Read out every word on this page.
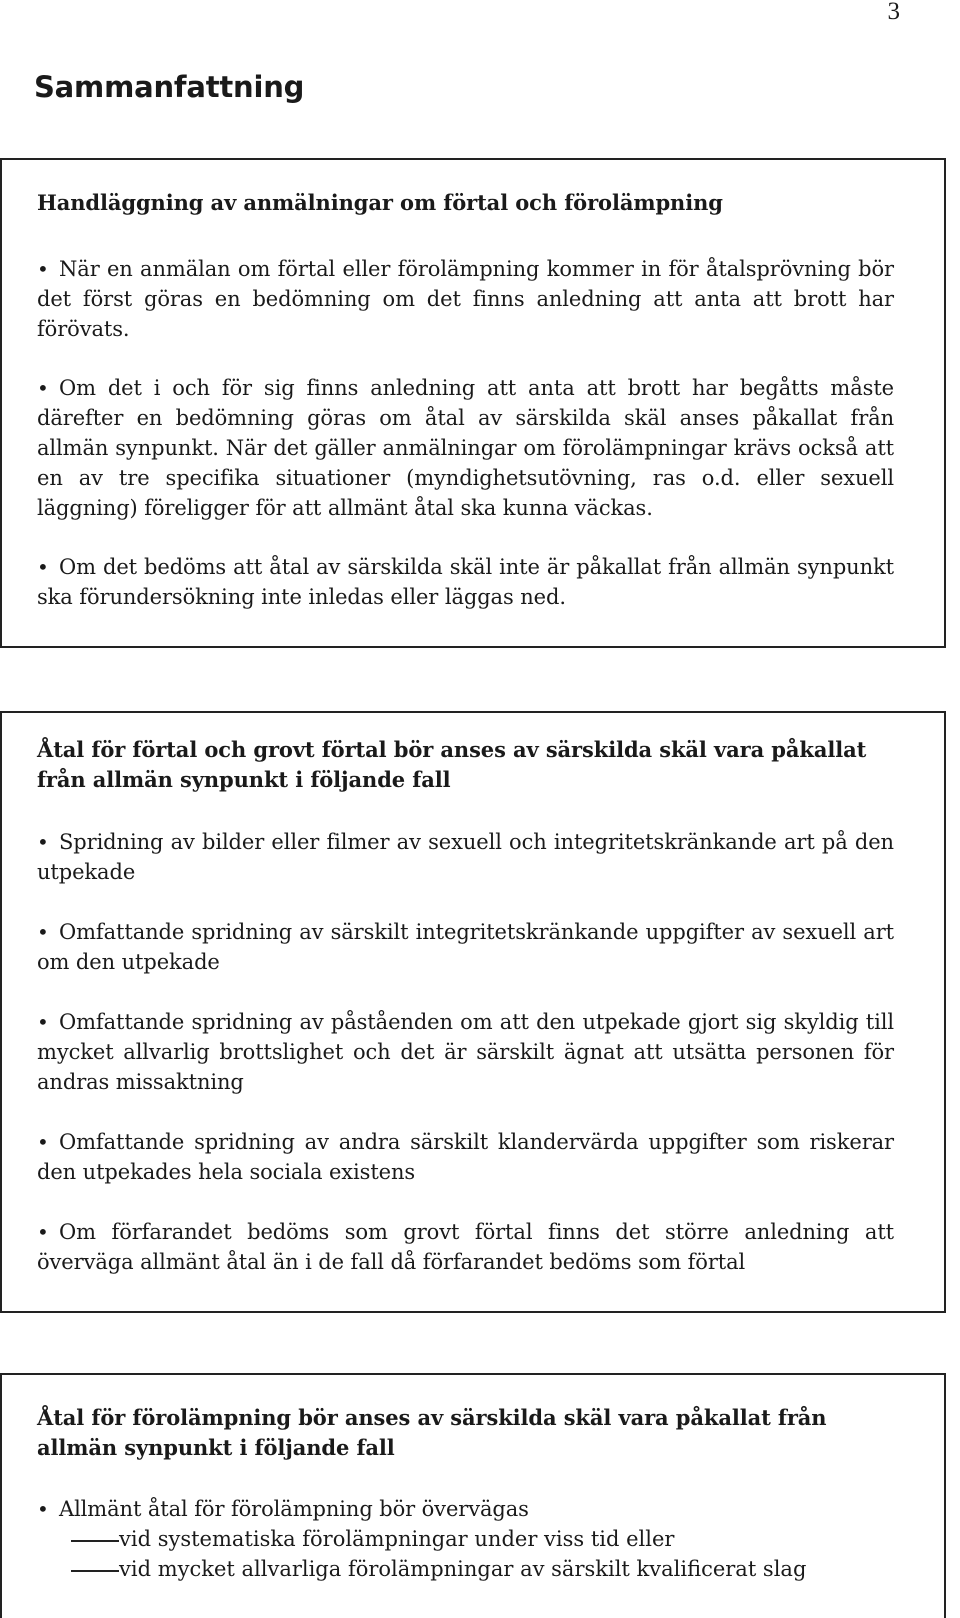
3
Sammanfattning
Handläggning av anmälningar om förtal och förolämpning
• När en anmälan om förtal eller förolämpning kommer in för åtalsprövning bör det först göras en bedömning om det finns anledning att anta att brott har förövats.
• Om det i och för sig finns anledning att anta att brott har begåtts måste därefter en bedömning göras om åtal av särskilda skäl anses påkallat från allmän synpunkt. När det gäller anmälningar om förolämpningar krävs också att en av tre specifika situationer (myndighetsutövning, ras o.d. eller sexuell läggning) föreligger för att allmänt åtal ska kunna väckas.
• Om det bedöms att åtal av särskilda skäl inte är påkallat från allmän synpunkt ska förundersökning inte inledas eller läggas ned.
Åtal för förtal och grovt förtal bör anses av särskilda skäl vara påkallat från allmän synpunkt i följande fall
• Spridning av bilder eller filmer av sexuell och integritetskränkande art på den utpekade
• Omfattande spridning av särskilt integritetskränkande uppgifter av sexuell art om den utpekade
• Omfattande spridning av påståenden om att den utpekade gjort sig skyldig till mycket allvarlig brottslighet och det är särskilt ägnat att utsätta personen för andras missaktning
• Omfattande spridning av andra särskilt klandervärda uppgifter som riskerar den utpekades hela sociala existens
• Om förfarandet bedöms som grovt förtal finns det större anledning att överväga allmänt åtal än i de fall då förfarandet bedöms som förtal
Åtal för förolämpning bör anses av särskilda skäl vara påkallat från allmän synpunkt i följande fall
• Allmänt åtal för förolämpning bör övervägas
vid systematiska förolämpningar under viss tid eller
vid mycket allvarliga förolämpningar av särskilt kvalificerat slag
